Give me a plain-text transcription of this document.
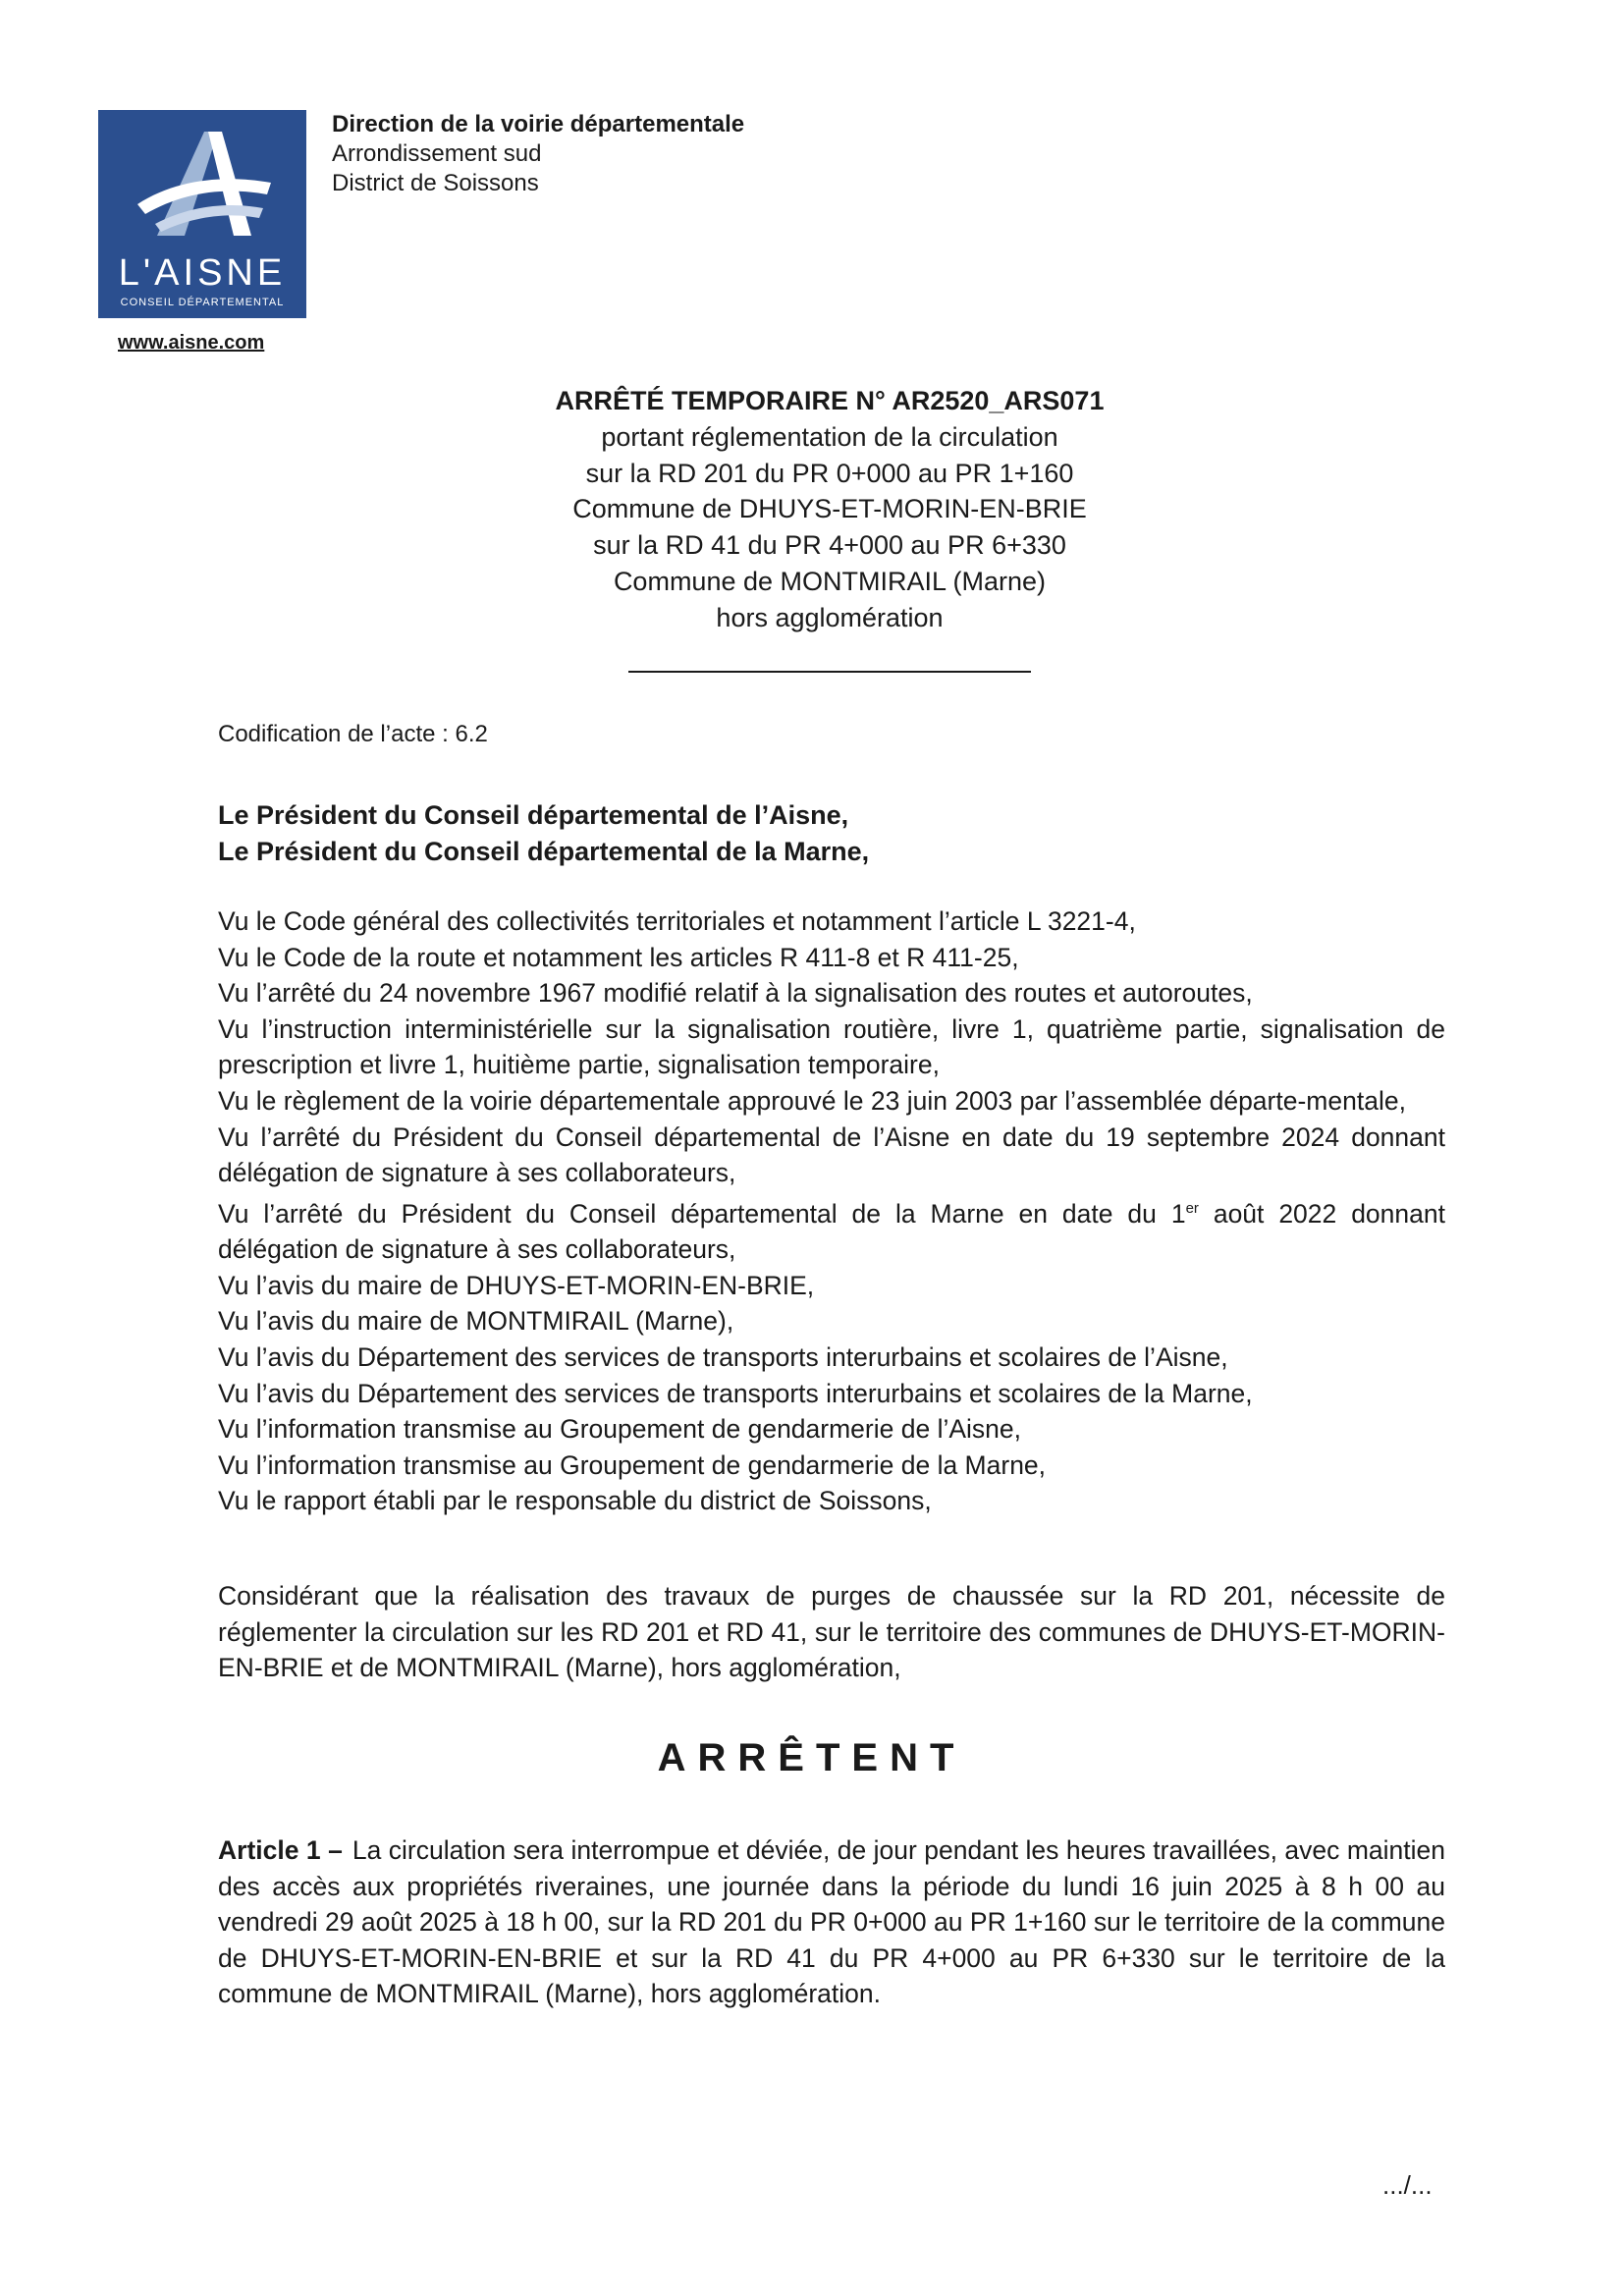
L'AISNE
CONSEIL DÉPARTEMENTAL
www.aisne.com
Direction de la voirie départementale
Arrondissement sud
District de Soissons
ARRÊTÉ TEMPORAIRE N° AR2520_ARS071
portant réglementation de la circulation
sur la RD 201 du PR 0+000 au PR 1+160
Commune de DHUYS-ET-MORIN-EN-BRIE
sur la RD 41 du PR 4+000 au PR 6+330
Commune de MONTMIRAIL (Marne)
hors agglomération
Codification de l’acte : 6.2
Le Président du Conseil départemental de l’Aisne,
Le Président du Conseil départemental de la Marne,

Vu le Code général des collectivités territoriales et notamment l’article L 3221-4,

Vu le Code de la route et notamment les articles R 411-8 et R 411-25,

Vu l’arrêté du 24 novembre 1967 modifié relatif à la signalisation des routes et autoroutes,

Vu l’instruction interministérielle sur la signalisation routière, livre 1, quatrième partie, signalisation de prescription et livre 1, huitième partie, signalisation temporaire,

Vu le règlement de la voirie départementale approuvé le 23 juin 2003 par l’assemblée départe-mentale,

Vu l’arrêté du Président du Conseil départemental de l’Aisne en date du 19 septembre 2024 donnant délégation de signature à ses collaborateurs,

Vu l’arrêté du Président du Conseil départemental de la Marne en date du 1er août 2022 donnant délégation de signature à ses collaborateurs,

Vu l’avis du maire de DHUYS-ET-MORIN-EN-BRIE,

Vu l’avis du maire de MONTMIRAIL (Marne),

Vu l’avis du Département des services de transports interurbains et scolaires de l’Aisne,

Vu l’avis du Département des services de transports interurbains et scolaires de la Marne,

Vu l’information transmise au Groupement de gendarmerie de l’Aisne,

Vu l’information transmise au Groupement de gendarmerie de la Marne,

Vu le rapport établi par le responsable du district de Soissons,

Considérant que la réalisation des travaux de purges de chaussée sur la RD 201, nécessite de réglementer la circulation sur les RD 201 et RD 41, sur le territoire des communes de DHUYS-ET-MORIN-EN-BRIE et de MONTMIRAIL (Marne), hors agglomération,

ARRÊTENT

Article 1 – La circulation sera interrompue et déviée, de jour pendant les heures travaillées, avec maintien des accès aux propriétés riveraines, une journée dans la période du lundi 16 juin 2025 à 8 h 00 au vendredi 29 août 2025 à 18 h 00, sur la RD 201 du PR 0+000 au PR 1+160 sur le territoire de la commune de DHUYS-ET-MORIN-EN-BRIE et sur la RD 41 du PR 4+000 au PR 6+330 sur le territoire de la commune de MONTMIRAIL (Marne), hors agglomération.

.../...
